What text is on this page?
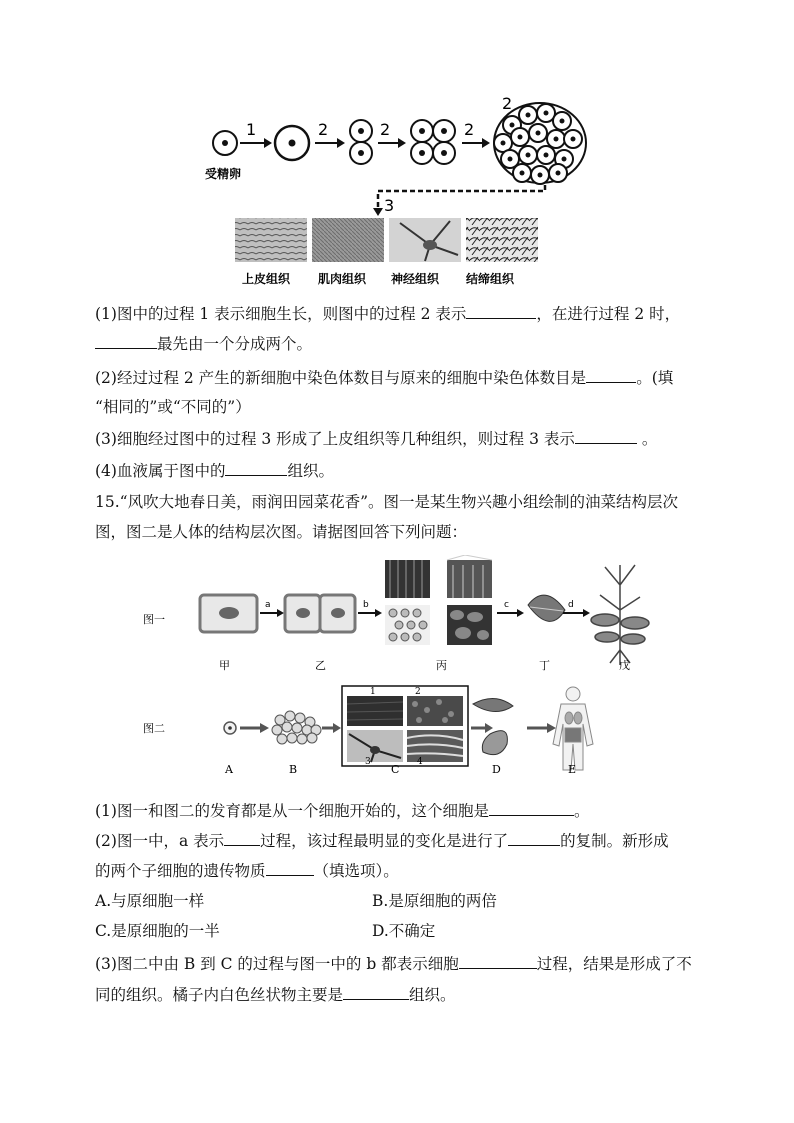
受精卵
1	2	2	2
2
3
上皮组织 肌肉组织 神经组织 结缔组织
(1)图中的过程 1 表示细胞生长，则图中的过程 2 表示	，在进行过程 2 时，
最先由一个分成两个。
(2)经过过程 2 产生的新细胞中染色体数目与原来的细胞中染色体数目是	。(填
“相同的”或“不同的”）
(3)细胞经过图中的过程 3 形成了上皮组织等几种组织，则过程 3 表示	。
(4)血液属于图中的	组织。
15.“风吹大地春日美，雨润田园菜花香”。图一是某生物兴趣小组绘制的油菜结构层次
图，图二是人体的结构层次图。请据图回答下列问题：
图一
a	b	c	d
甲	乙	丙	丁	戊
图二
1	2
3	4
A	B	C	D	E
(1)图一和图二的发育都是从一个细胞开始的，这个细胞是	。
(2)图一中，a 表示 过程，该过程最明显的变化是进行了	的复制。新形成
的两个子细胞的遗传物质	（填选项）。
A.与原细胞一样	B.是原细胞的两倍
C.是原细胞的一半	D.不确定
(3)图二中由 B 到 C 的过程与图一中的 b 都表示细胞	过程，结果是形成了不
同的组织。橘子内白色丝状物主要是	组织。
